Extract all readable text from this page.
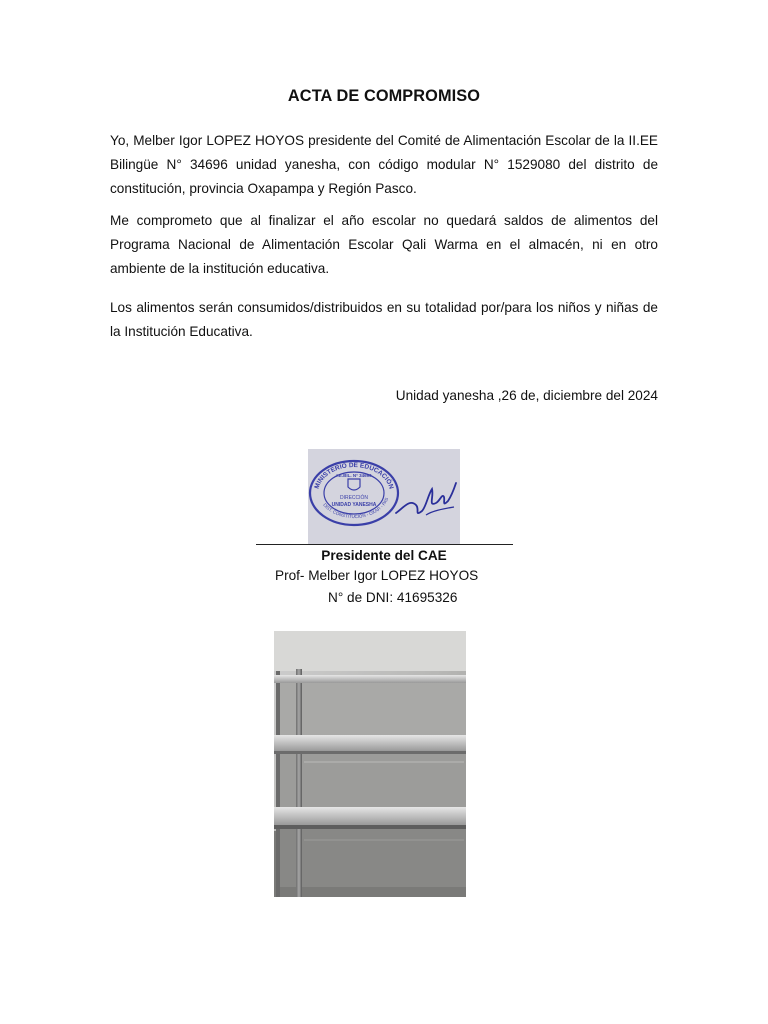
ACTA DE COMPROMISO

Yo, Melber Igor LOPEZ HOYOS presidente del Comité de Alimentación Escolar de la II.EE Bilingüe N° 34696 unidad yanesha, con código modular N° 1529080 del distrito de constitución, provincia Oxapampa y Región Pasco.

Me comprometo que al finalizar el año escolar no quedará saldos de alimentos del Programa Nacional de Alimentación Escolar Qali Warma en el almacén, ni en otro ambiente de la institución educativa.

Los alimentos serán consumidos/distribuidos en su totalidad por/para los niños y niñas de la Institución Educativa.

Unidad yanesha ,26 de, diciembre del 2024
MINISTERIO DE EDUCACIÓN
DIST. CONSTITUCIÓN - OXAP. - PAS
I.E.BIL. N° 34696
DIRECCIÓN
UNIDAD YANESHA
Presidente del CAE
Prof- Melber Igor LOPEZ HOYOS
N° de DNI: 41695326
